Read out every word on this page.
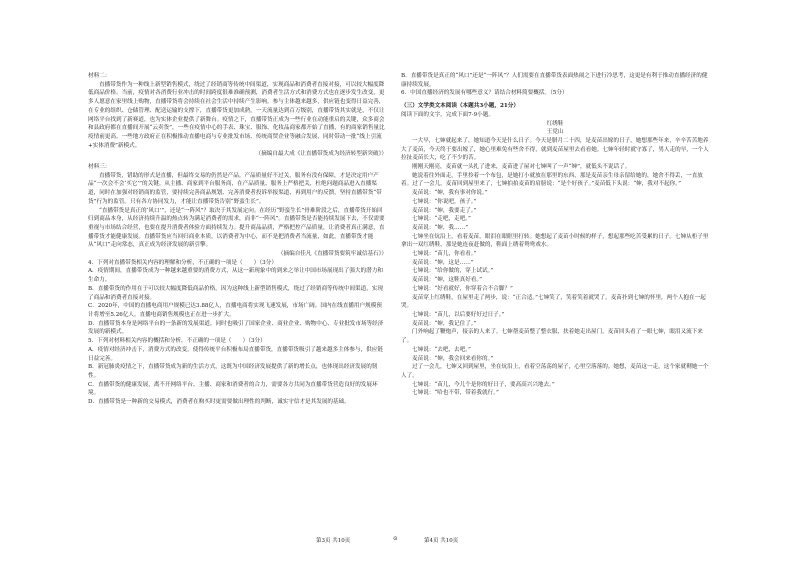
材料二：

直播带货作为一种线上新型销售模式，绕过了经销商等传统中间渠道，实现商品和消费者直接对接，可以较大幅度降低商品价格。当前，疫情对各消费行业冲击的时间跨度很难准确预测，消费者生活方式和消费方式也在逐步发生改变，更多人愿意在家里线上购物，直播带货将会持续在社会生活中持续产生影响。参与主体越来越多，供应链也变得日益完善，在专业的组织、仓储管理、配送运输的支撑下，直播带货更加成熟。一天流量达到百万级别，直播带货其实就是，不仅让网络平台找到了新赛道，也为实体企业提供了新舞台。疫情之下，直播带货正成为一些行业在动能重启的关键，众多商会和县政府都在直播间开展“云卖货”，一些在疫情中心的手表、珠宝、服饰、化妆品商家都开始了直播，有的商家销售量比疫情前更高。一些地方政府正在积极推动直播电商与专业批发市场、传统商贸企业等融合发展，同时带动一批“线上引流+实体消费”新模式。

（摘编自最大成《让直播带货成为经济转型新突破》）

材料三：

直播带货，错助的形式是直播，但最终交易的仍然是产品。产品质量好不过关，服务有没有保障，才是决定用户产品“一次会不会‘买它’”的关键。从主播、商家到平台服务商，在产品质量、服务上严格把关，杜绝问题商品进入直播渠道，同时在加强对经销商的监管，要持续完善商品规划、完善消费者投诉举报渠道，再到用户的反馈，坚持直播带货“带货”行为的监管。只有各方协同发力，才能让直播带货告别“野蛮生长”。

“直播带货是真正的‘风口’”，还是“一阵风”？取决于其发展定向。在经历“野蛮生长”骨难阶段之后，直播带货开始回归到商品本身，从经济持续升温的热点转为满足消费者的需求，而非“一阵风”。直播带货是否能持续发展下去，不仅需要重视与市场结合经营，也要在提升消费者体验方面持续发力。提升商品品质，严格把控产品质量，让消费者真正满意，直播带货才能健康发展。直播带货应当回归商业本质，以消费者为中心，而不是把消费者当流量，如此，直播带货才能从“风口”走向常态，真正成为经济发展的新引擎。

（摘编自佳凡《直播带货要筑牢诚信基石》）

4．下列对直播带货相关内容的理解和分析，不正确的一项是（　　）（3分）

A．疫情期间，直播带货成为一种越来越重要的消费方式，从这一新现象中的到来之举让中国市场展现出了强大的潜力和生命力。

B．直播带货的作用在于可以较大幅度降低商品价格，因为这种线上新型销售模式，绕过了经销商等传统中间渠道，实现了商品和消费者直接对接。

C．2020年，中国的直播电商用户规模已达3.88亿人，直播电商将实现飞速发展，市场广阔。国内在线直播用户规模预计将增至5.26亿人。直播电商销售规模也正在进一步扩大。

D．直播带货本身是网络平台的一条新的发展渠道，同时也吸引了国家企业、商业企业、购物中心、专业批发市场等经济发展的新模式。

5．下列对材料相关内容的概括和分析，不正确的一项是（　　）（3分）

A．疫情对经济冲击下，消费方式的改变，使得传统平台积极布局直播带货，直播带货吸引了越来越多主体参与，供应链日益完善。

B．新冠肺炎疫情之下，直播带货成为新的生活方式，这既为中国经济发展提供了新的增长点，也体现出经济发展的韧性。

C．直播带货的健康发展，离不开网络平台、主播、商家和消费者的合力，需要各方共同为直播带货营造良好的发展环境。

D．直播带货是一种新的交易模式，消费者在购买时更需要做出理性的判断，诚实守信才是其发展的基础。

B．直播带货是真正的“风口”还是“一阵风”？人们需要在直播带货表面热闹之下进行冷思考，这更是有利于推动直播经济的健康持续发展。

6．中国直播经济的发展有哪些意义？请结合材料简要概括。（5分）

（三）文学类文本阅读（本题共3小题，21分）

阅读下面的文字，完成下面7-9小题。

红绣鞋

王党山

一大早，七婶就起来了，她知道今天是什么日子。今天是腊月二十四，是麦苗出嫁的日子，她想那些年来，辛辛苦苦地养大了麦苗，今天终于要出嫁了，她心里难免有些舍不得，就到麦苗屋里去看看她。七婶年轻时就守寡了，男人走的早，一个人拉扯麦苗长大，吃了不少的苦。

刚刚天刚亮，麦苗就一头扎了进来，麦苗进了屋对七婶叫了一声“婶”，就低头不说话了。

她说着往外面走，手里拎着一个布包，是她打小就放在那里的东西，那是麦苗亲生母亲留给她的，她舍不得丢，一直放着。过了一会儿，麦苗回到屋里来了，七婶拍拍麦苗的肩膀说：“是个好孩子。”麦苗低下头说：“婶，我对不起你。”

麦苗说：“婶，我有事对你说。”

七婶说：“你说吧，孩子。”

麦苗说：“婶，我要走了。”

七婶说：“走吧，走吧。”

麦苗说：“婶，我……”

七婶坐在炕沿上，看着麦苗，眼泪在眼眶里打转。她想起了麦苗小时候的样子，想起那些吃苦受累的日子。七婶从柜子里拿出一双红绣鞋，那是她连夜赶做的，鞋面上绣着鸳鸯戏水。

七婶说：“苗儿，你看看。”

麦苗说：“婶，这是……”

七婶说：“给你做的，穿上试试。”

麦苗说：“婶，这鞋真好看。”

七婶说：“好看就好，你穿着合不合脚？”

麦苗穿上红绣鞋，在屋里走了两步，说：“正合适。”七婶笑了，笑着笑着就哭了。麦苗扑到七婶的怀里，两个人抱在一起哭。

七婶说：“苗儿，以后要好好过日子。”

麦苗说：“婶，我记住了。”

门外响起了鞭炮声，接亲的人来了。七婶帮麦苗整了整衣服，扶着她走出屋门。麦苗回头看了一眼七婶，眼泪又流下来了。

七婶说：“去吧，去吧。”

麦苗说：“婶，我会回来看你的。”

过了一会儿，七婶又回到屋里，坐在炕沿上，看着空荡荡的屋子，心里空落落的。她想，麦苗这一走，这个家就剩她一个人了。

七婶说：“苗儿，今儿个是你的好日子，要高高兴兴地去。”

七婶说：“哈也不带，带着我就行。”

第3页 共10页	⊙	第4页 共10页
